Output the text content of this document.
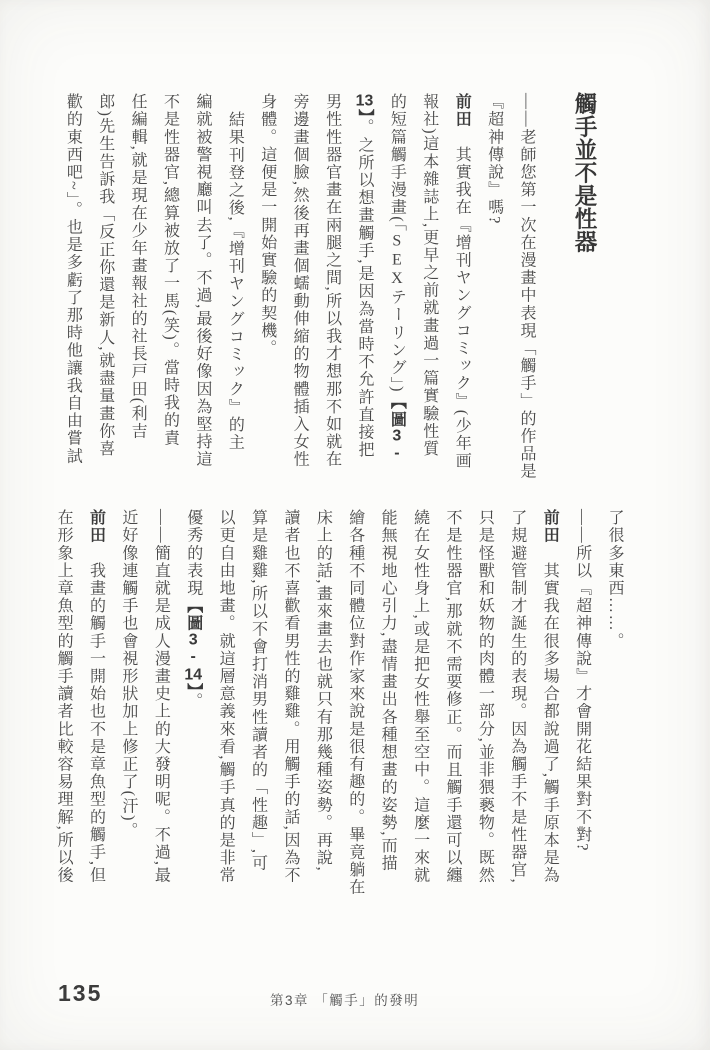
觸手並不是性器
——老師您第一次在漫畫中表現「觸手」的作品是
『超神傳說』嗎?
前田　其實我在『增刊ヤングコミック』(少年画
報社)這本雜誌上,更早之前就畫過一篇實驗性質
的短篇觸手漫畫(「SEXテーリング」)【圖3-
13】。之所以想畫觸手,是因為當時不允許直接把
男性性器官畫在兩腿之間,所以我才想那不如就在
旁邊畫個臉,然後再畫個蠕動伸縮的物體插入女性
身體。這便是一開始實驗的契機。
結果刊登之後,『增刊ヤングコミック』的主
編就被警視廳叫去了。不過,最後好像因為堅持這
不是性器官,總算被放了一馬(笑)。當時我的責
任編輯,就是現在少年畫報社的社長戸田(利吉
郎)先生告訴我「反正你還是新人,就盡量畫你喜
歡的東西吧~」。也是多虧了那時他讓我自由嘗試
了很多東西……。
——所以『超神傳說』才會開花結果對不對?
前田　其實我在很多場合都說過了,觸手原本是為
了規避管制才誕生的表現。因為觸手不是性器官,
只是怪獸和妖物的肉體一部分,並非猥褻物。既然
不是性器官,那就不需要修正。而且觸手還可以纏
繞在女性身上,或是把女性舉至空中。這麼一來就
能無視地心引力,盡情畫出各種想畫的姿勢,而描
繪各種不同體位對作家來說是很有趣的。畢竟躺在
床上的話,畫來畫去也就只有那幾種姿勢。再說,
讀者也不喜歡看男性的雞雞。用觸手的話,因為不
算是雞雞,所以不會打消男性讀者的「性趣」,可
以更自由地畫。就這層意義來看,觸手真的是非常
優秀的表現【圖3-14】。
——簡直就是成人漫畫史上的大發明呢。不過,最
近好像連觸手也會視形狀加上修正了(汗)。
前田　我畫的觸手一開始也不是章魚型的觸手,但
在形象上章魚型的觸手讀者比較容易理解,所以後
135	第3章 「觸手」的發明
